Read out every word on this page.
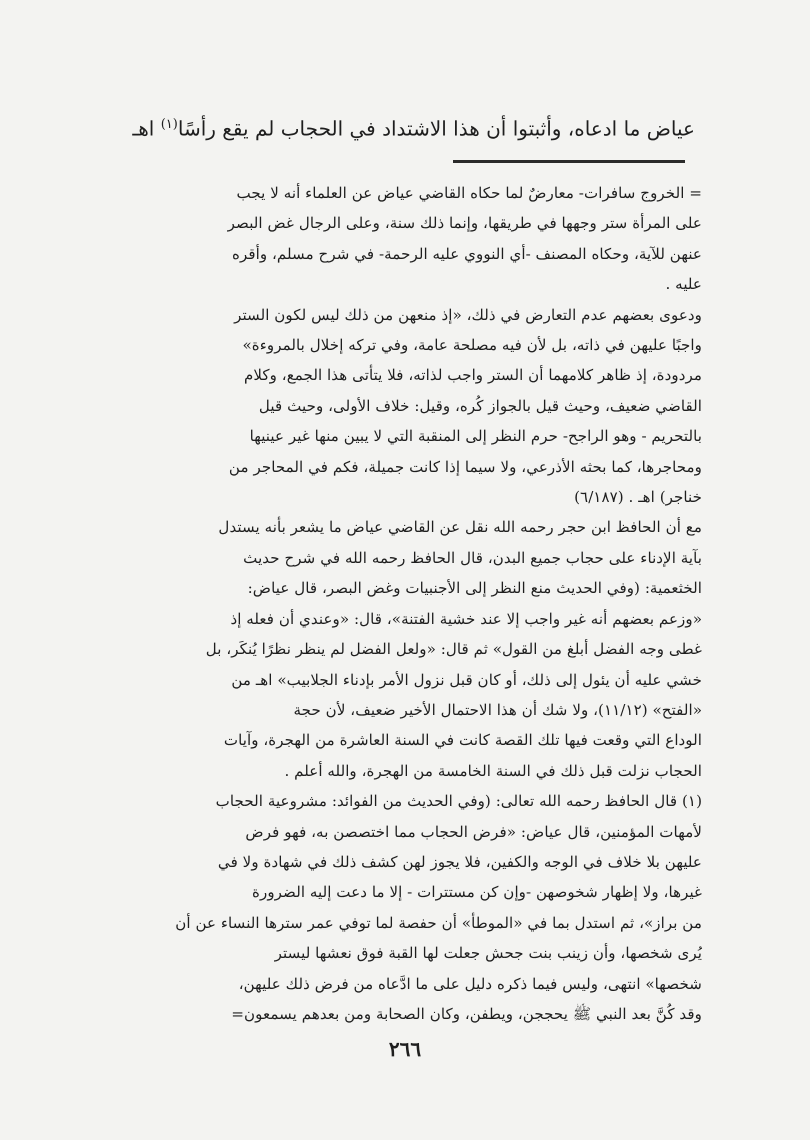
عياض ما ادعاه، وأثبتوا أن هذا الاشتداد في الحجاب لم يقع رأسًا$^{(١)}$ اهـ

= الخروج سافرات- معارضٌ لما حكاه القاضي عياض عن العلماء أنه لا يجب

على المرأة ستر وجهها في طريقها، وإنما ذلك سنة، وعلى الرجال غض البصر

عنهن للآية، وحكاه المصنف -أي النووي عليه الرحمة- في شرح مسلم، وأقره

عليه .

ودعوى بعضهم عدم التعارض في ذلك، «إذ منعهن من ذلك ليس لكون الستر

واجبًا عليهن في ذاته، بل لأن فيه مصلحة عامة، وفي تركه إخلال بالمروءة»

مردودة، إذ ظاهر كلامهما أن الستر واجب لذاته، فلا يتأتى هذا الجمع، وكلام

القاضي ضعيف، وحيث قيل بالجواز كُره، وقيل: خلاف الأولى، وحيث قيل

بالتحريم - وهو الراجح- حرم النظر إلى المنقبة التي لا يبين منها غير عينيها

ومحاجرها، كما بحثه الأذرعي، ولا سيما إذا كانت جميلة، فكم في المحاجر من

خناجر) اهـ . (٦/١٨٧)

مع أن الحافظ ابن حجر رحمه الله نقل عن القاضي عياض ما يشعر بأنه يستدل

بآية الإدناء على حجاب جميع البدن، قال الحافظ رحمه الله في شرح حديث

الخثعمية: (وفي الحديث منع النظر إلى الأجنبيات وغض البصر، قال عياض:

«وزعم بعضهم أنه غير واجب إلا عند خشية الفتنة»، قال: «وعندي أن فعله إذ

غطى وجه الفضل أبلغ من القول» ثم قال: «ولعل الفضل لم ينظر نظرًا يُنكَر، بل

خشي عليه أن يئول إلى ذلك، أو كان قبل نزول الأمر بإدناء الجلابيب» اهـ من

«الفتح» (١١/١٢)، ولا شك أن هذا الاحتمال الأخير ضعيف، لأن حجة

الوداع التي وقعت فيها تلك القصة كانت في السنة العاشرة من الهجرة، وآيات

الحجاب نزلت قبل ذلك في السنة الخامسة من الهجرة، والله أعلم .

(١) قال الحافظ رحمه الله تعالى: (وفي الحديث من الفوائد: مشروعية الحجاب

لأمهات المؤمنين، قال عياض: «فرض الحجاب مما اختصصن به، فهو فرض

عليهن بلا خلاف في الوجه والكفين، فلا يجوز لهن كشف ذلك في شهادة ولا في

غيرها، ولا إظهار شخوصهن -وإن كن مستترات - إلا ما دعت إليه الضرورة

من براز»، ثم استدل بما في «الموطأ» أن حفصة لما توفي عمر سترها النساء عن أن

يُرى شخصها، وأن زينب بنت جحش جعلت لها القبة فوق نعشها ليستر

شخصها» انتهى، وليس فيما ذكره دليل على ما ادَّعاه من فرض ذلك عليهن،

وقد كُنَّ بعد النبي ﷺ يحججن، ويطفن، وكان الصحابة ومن بعدهم يسمعون=

٢٦٦
